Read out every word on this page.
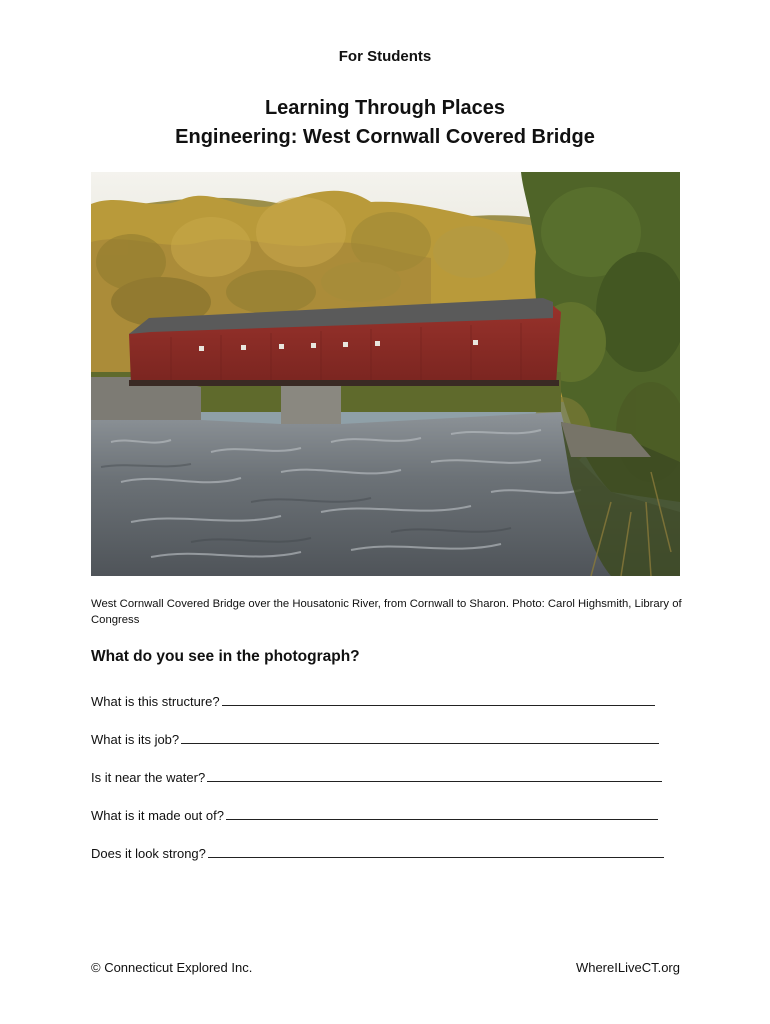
For Students
Learning Through Places
Engineering: West Cornwall Covered Bridge
West Cornwall Covered Bridge over the Housatonic River, from Cornwall to Sharon. Photo: Carol Highsmith, Library of Congress
What do you see in the photograph?
What is this structure?
What is its job?
Is it near the water?
What is it made out of?
Does it look strong?
© Connecticut Explored Inc.	WhereILiveCT.org
